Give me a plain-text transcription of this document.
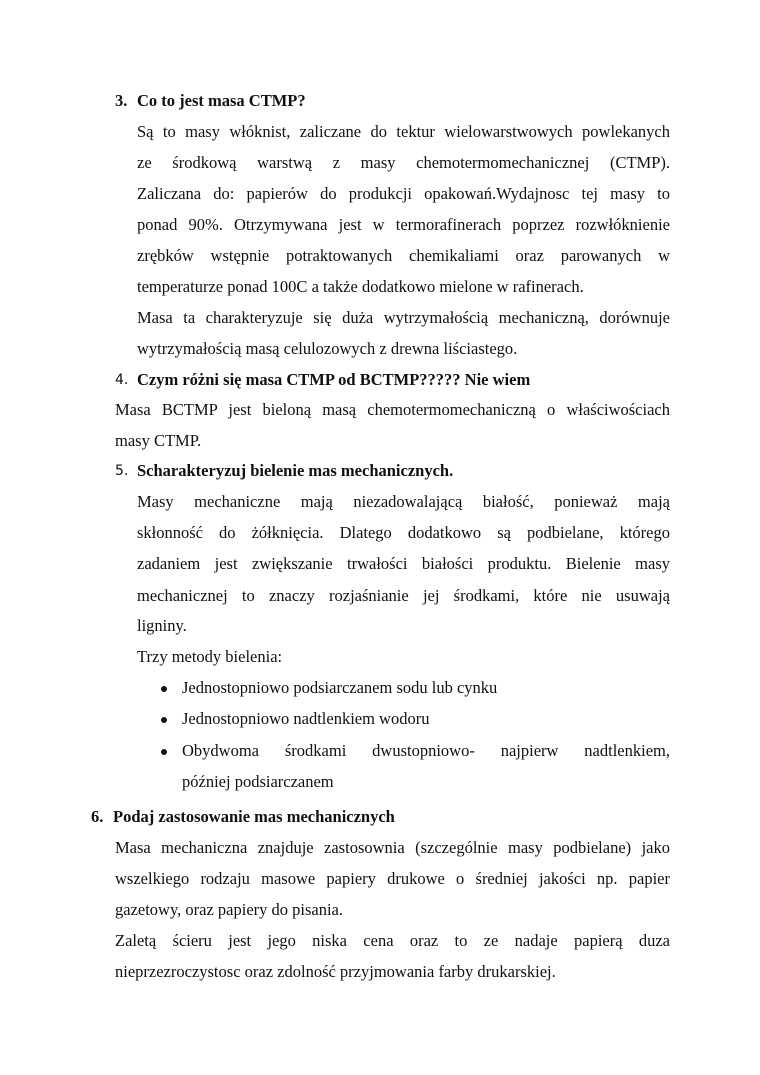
3. Co to jest masa CTMP?
Są to masy włóknist, zaliczane do tektur wielowarstwowych powlekanych
ze środkową warstwą z masy chemotermomechanicznej (CTMP).
Zaliczana do: papierów do produkcji opakowań.Wydajnosc tej masy to
ponad 90%. Otrzymywana jest w termorafinerach poprzez rozwłóknienie
zrębków wstępnie potraktowanych chemikaliami oraz parowanych w
temperaturze ponad 100C a także dodatkowo mielone w rafinerach.
Masa ta charakteryzuje się duża wytrzymałością mechaniczną, dorównuje
wytrzymałością masą celulozowych z drewna liściastego.
4. Czym różni się masa CTMP od BCTMP????? Nie wiem
Masa BCTMP jest bieloną masą chemotermomechaniczną o właściwościach
masy CTMP.
5. Scharakteryzuj bielenie mas mechanicznych.
Masy mechaniczne mają niezadowalającą białość, ponieważ mają
skłonność do żółknięcia. Dlatego dodatkowo są podbielane, którego
zadaniem jest zwiększanie trwałości białości produktu. Bielenie masy
mechanicznej to znaczy rozjaśnianie jej środkami, które nie usuwają
ligniny.
Trzy metody bielenia:
Jednostopniowo podsiarczanem sodu lub cynku
Jednostopniowo nadtlenkiem wodoru
Obydwoma środkami dwustopniowo- najpierw nadtlenkiem,
później podsiarczanem
6. Podaj zastosowanie mas mechanicznych
Masa mechaniczna znajduje zastosownia (szczególnie masy podbielane) jako
wszelkiego rodzaju masowe papiery drukowe o średniej jakości np. papier
gazetowy, oraz papiery do pisania.
Zaletą ścieru jest jego niska cena oraz to ze nadaje papierą duza
nieprzezroczystosc oraz zdolność przyjmowania farby drukarskiej.
